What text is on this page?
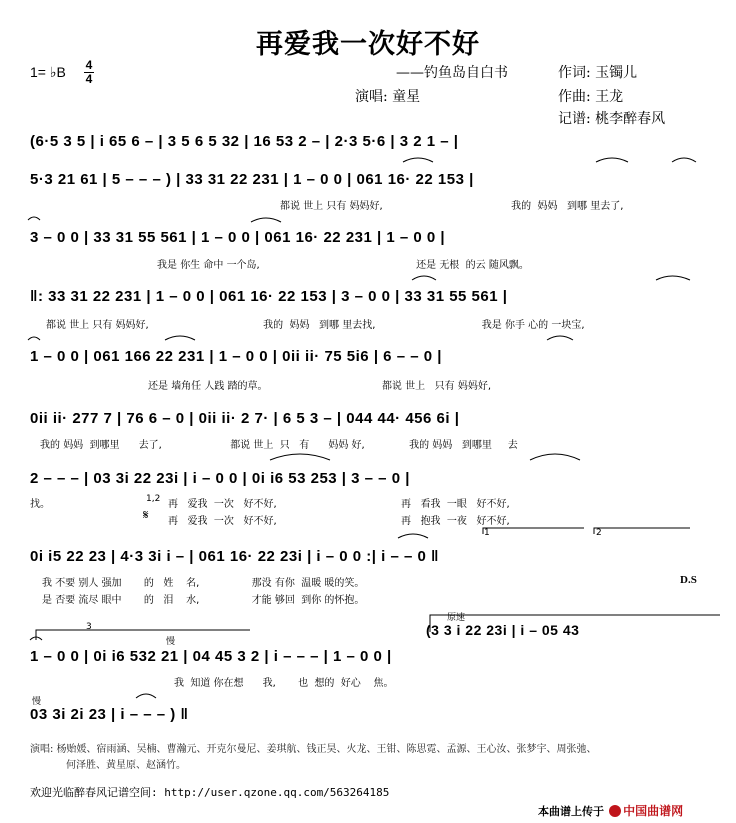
再爱我一次好不好
1= ♭B 4
4	——钓鱼岛自白书	作词: 玉镯儿
演唱: 童星	作曲: 王龙
记谱: 桃李醉春风
(6·5 3 5 | i 65 6 – | 3 5 6 5 32 | 16 53 2 – | 2·3 5·6 | 3 2 1 – |
5·3 21 61 | 5 – – – ) | 33 31 22 231 | 1 – 0 0 | 061 16· 22 153 |
都说 世上 只有 妈妈好,	我的 妈妈 到哪 里去了,
3 – 0 0 | 33 31 55 561 | 1 – 0 0 | 061 16· 22 231 | 1 – 0 0 |
我是 你生 命中 一个岛,	还是 无根 的云 随风飘。
‖: 33 31 22 231 | 1 – 0 0 | 061 16· 22 153 | 3 – 0 0 | 33 31 55 561 |
都说 世上 只有 妈妈好,	我的 妈妈 到哪 里去找,	我是 你手 心的 一块宝,
1 – 0 0 | 061 166 22 231 | 1 – 0 0 | 0ii ii· 75 5i6 | 6 – – 0 |
还是 墙角任 人践 踏的草。	都说 世上 只有 妈妈好,
0ii ii· 277 7 | 76 6 – 0 | 0ii ii· 2 7· | 6 5 3 – | 044 44· 456 6i |
我的 妈妈 到哪里 去了,	都说 世上 只 有 妈妈 好,	我的 妈妈 到哪里 去
2 – – – | 03 3i 22 23i | i – 0 0 | 0i i6 53 253 | 3 – – 0 |
找。	1,2 再 爱我 一次 好不好,	再 看我 一眼 好不好,
𝄋 再 爱我 一次 好不好,	再 抱我 一夜 好不好,
1	2
0i i5 22 23 | 4·3 3i i – | 061 16· 22 23i | i – 0 0 :| i – – 0 ‖
D.S
我 不要 别人 强加 的 姓 名,	那没 有你 温暖 暖的笑。
是 否要 流尽 眼中 的 泪 水,	才能 够回 到你 的怀抱。
原速
(3 3 i 22 23i | i – 05 43
3
慢
1 – 0 0 | 0i i6 532 21 | 04 45 3 2 | i – – – | 1 – 0 0 |
我 知道 你在想 我, 也 想的 好心 焦。
慢
03 3i 2i 23 | i – – – ) ‖
演唱: 杨贻媛、宿雨涵、吴楠、曹瀚元、开克尔曼尼、姜琪航、钱正昊、火龙、王钳、陈思霓、孟源、王心汝、张梦宇、周张弛、
何泽胜、黄星原、赵涵竹。
欢迎光临醉春风记谱空间: http://user.qzone.qq.com/563264185
本曲谱上传于 中国曲谱网
